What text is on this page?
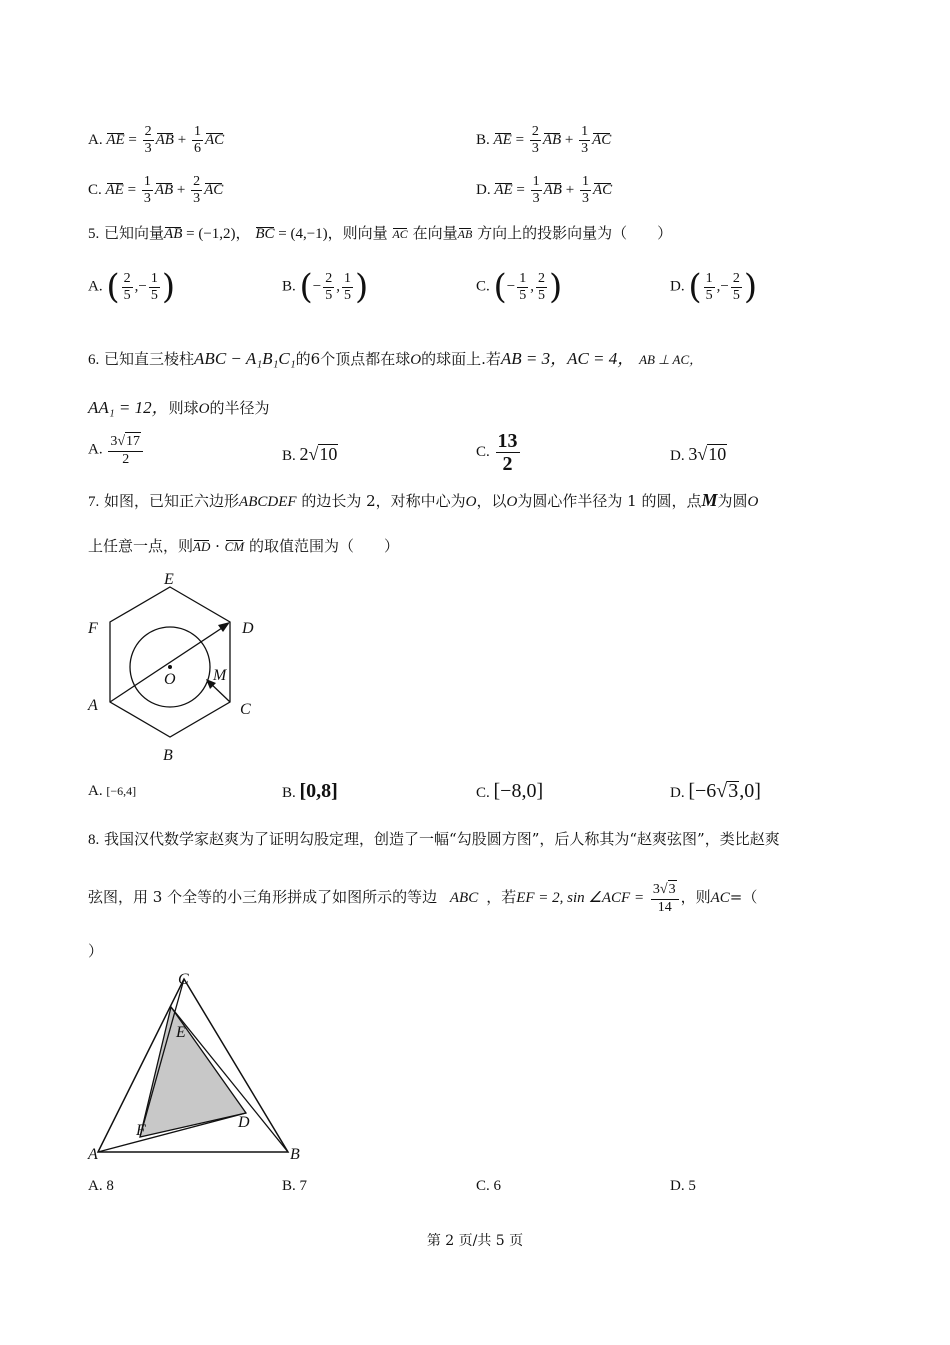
A. AE = $\frac{2}{3}$ AB + $\frac{1}{6}$ AC	B. AE = $\frac{2}{3}$ AB + $\frac{1}{3}$ AC
C. AE = $\frac{1}{3}$ AB + $\frac{2}{3}$ AC	D. AE = $\frac{1}{3}$ AB + $\frac{1}{3}$ AC
5. 已知向量AB = (−1,2)， BC = (4,−1)，则向量 AC 在向量AB 方向上的投影向量为（　　）
A. ( $\frac{2}{5}$ ,− $\frac{1}{5}$ )	B. (− $\frac{2}{5}$ , $\frac{1}{5}$ )	C. (− $\frac{1}{5}$ , $\frac{2}{5}$ )	D. ( $\frac{1}{5}$ ,− $\frac{2}{5}$ )
6. 已知直三棱柱ABC − A₁B₁C₁的6个顶点都在球O的球面上.若AB = 3，AC = 4， AB ⊥ AC，
AA₁ = 12，则球O的半径为
A. $\frac{3√17}{2}$	B. 2√10	C. $\frac{13}{2}$	D. 3√10
7. 如图，已知正六边形ABCDEF 的边长为 2，对称中心为O，以O为圆心作半径为 1 的圆，点M为圆O
上任意一点，则AD · CM 的取值范围为（　　）
E
F	D
A	C
B
O M
A. [−6,4]	B. [0,8]	C. [−8,0]	D. [−6√3,0]
8. 我国汉代数学家赵爽为了证明勾股定理，创造了一幅“勾股圆方图”，后人称其为“赵爽弦图”，类比赵爽
弦图，用 3 个全等的小三角形拼成了如图所示的等边 ABC ，若EF = 2, sin ∠ACF = $\frac{3√3}{14}$ ，则AC=（
）
C
E
F	D
A	B
A. 8	B. 7	C. 6	D. 5
第 2 页/共 5 页
